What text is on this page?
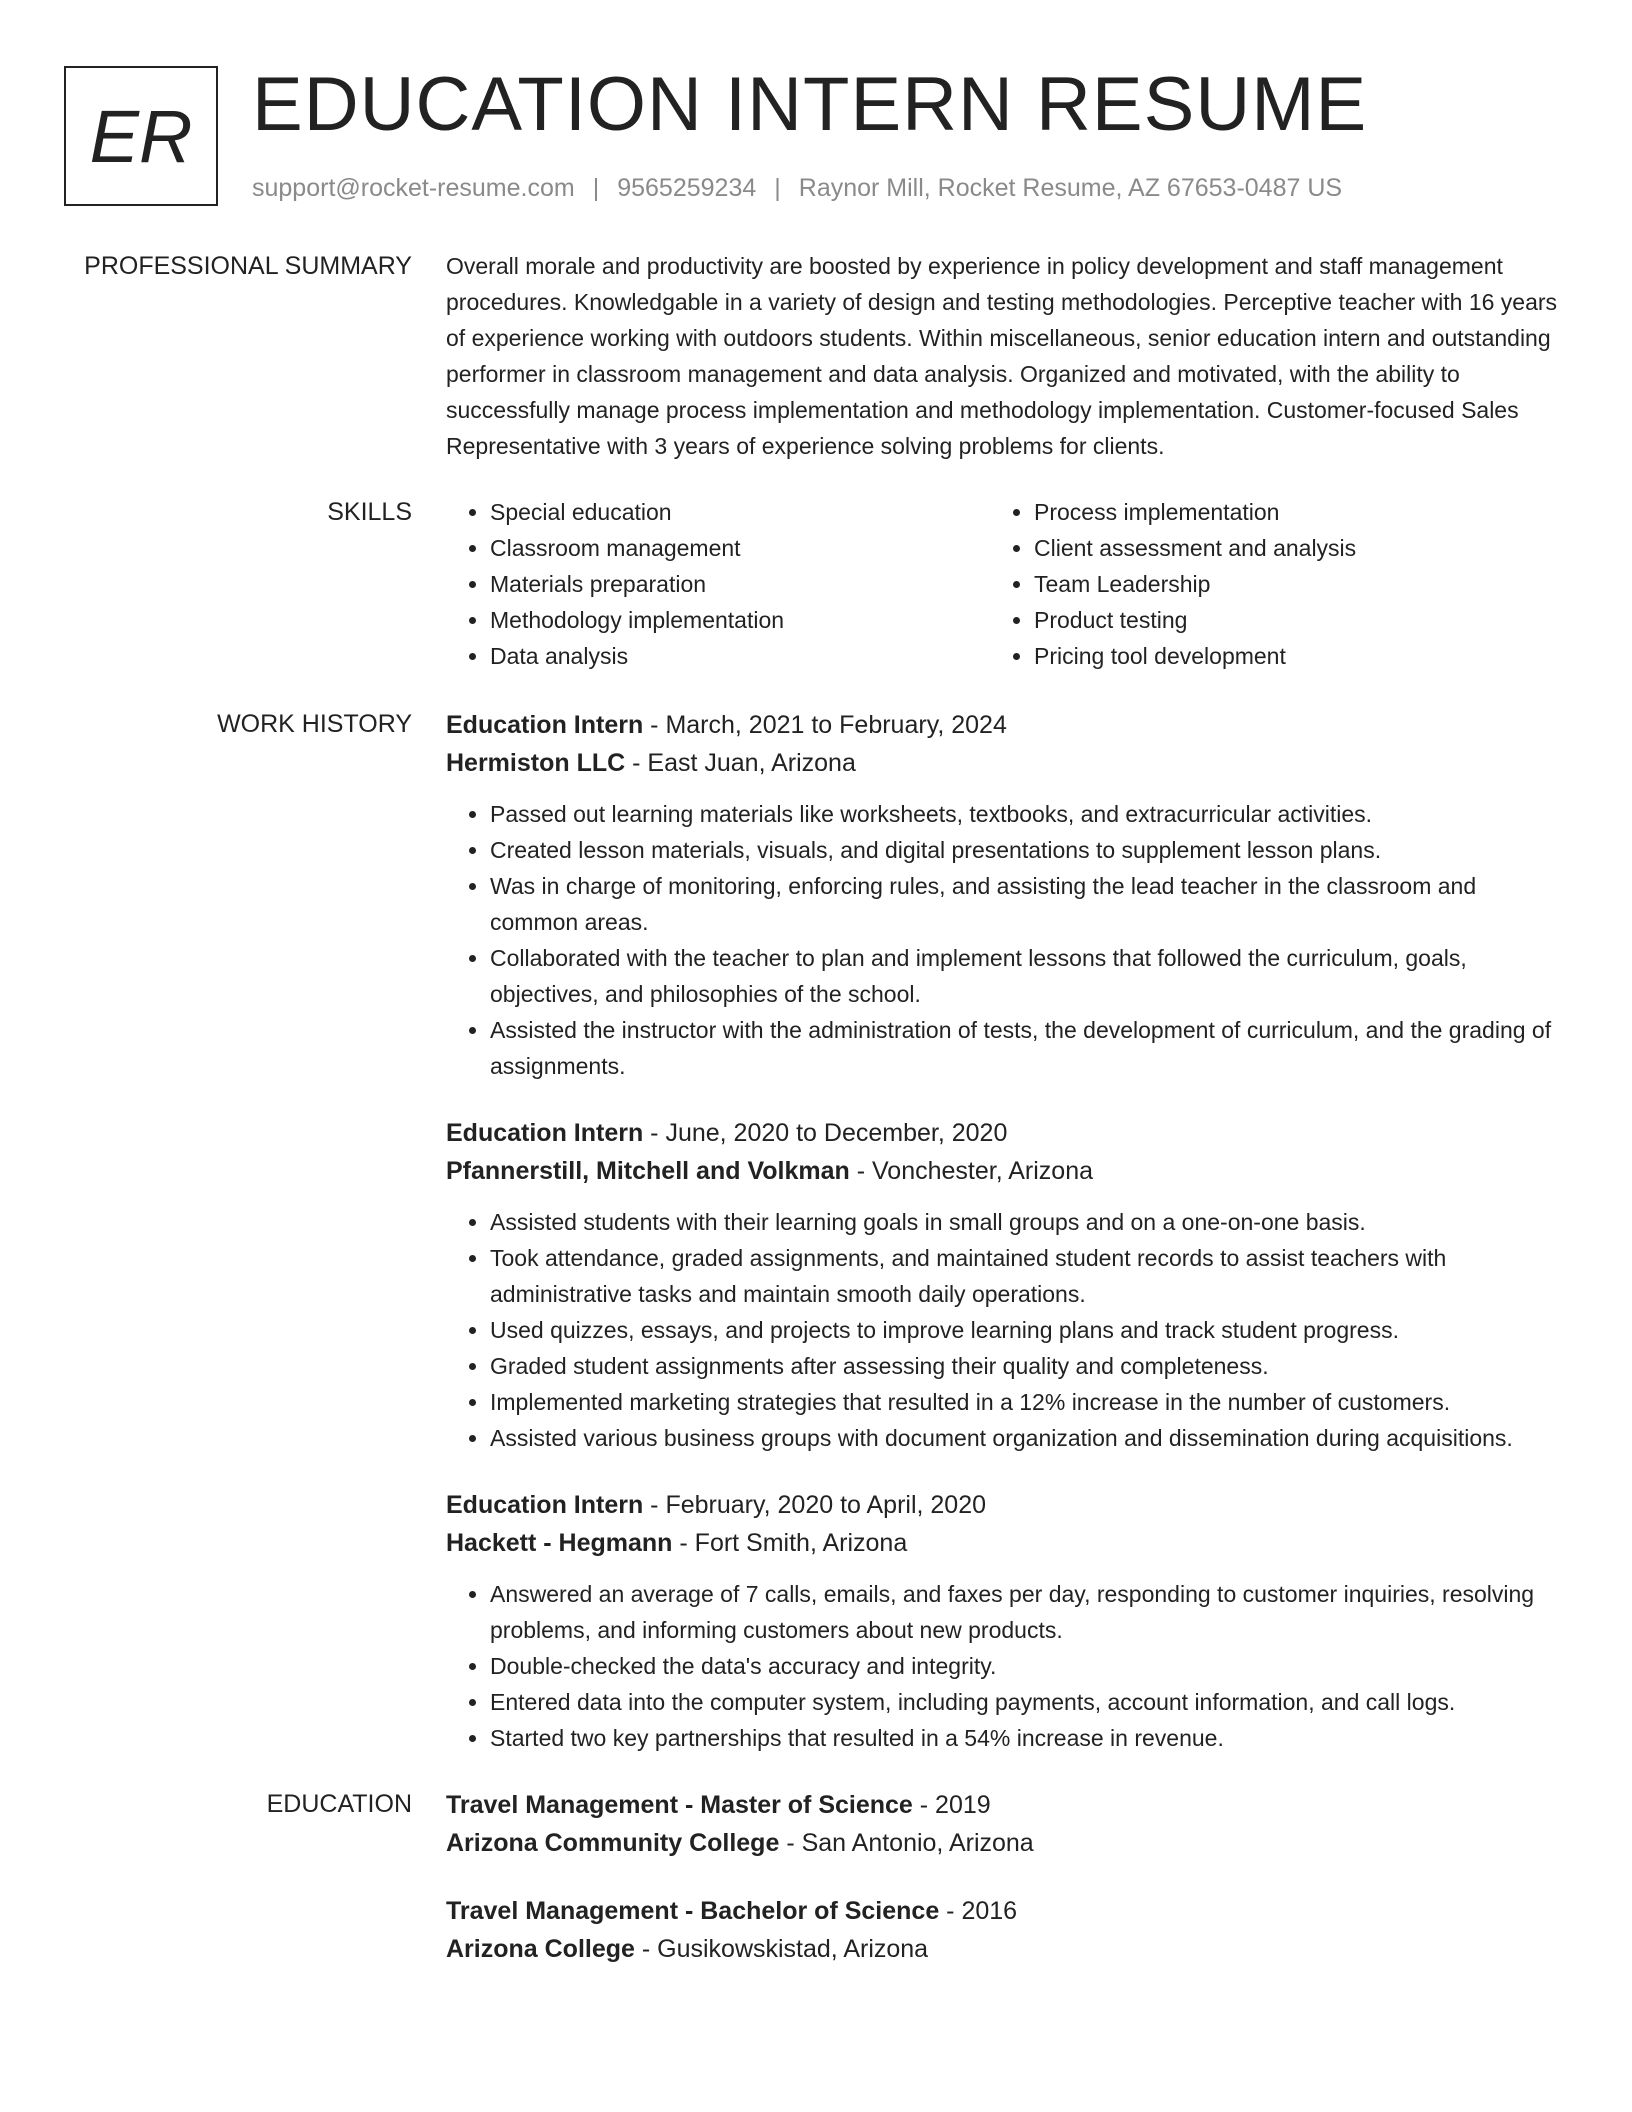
ER EDUCATION INTERN RESUME
support@rocket-resume.com | 9565259234 | Raynor Mill, Rocket Resume, AZ 67653-0487 US
PROFESSIONAL SUMMARY Overall morale and productivity are boosted by experience in policy development and staff management procedures. Knowledgable in a variety of design and testing methodologies. Perceptive teacher with 16 years of experience working with outdoors students. Within miscellaneous, senior education intern and outstanding performer in classroom management and data analysis. Organized and motivated, with the ability to successfully manage process implementation and methodology implementation. Customer-focused Sales Representative with 3 years of experience solving problems for clients.

SKILLS
•	Special education
• Classroom management
• Materials preparation
• Methodology implementation
• Data analysis
• Process implementation
• Client assessment and analysis
• Team Leadership
• Product testing
• Pricing tool development
WORK HISTORY Education Intern - March, 2021 to February, 2024
Hermiston LLC - East Juan, Arizona
• Passed out learning materials like worksheets, textbooks, and extracurricular activities.
• Created lesson materials, visuals, and digital presentations to supplement lesson plans.
• Was in charge of monitoring, enforcing rules, and assisting the lead teacher in the classroom and common areas.
• Collaborated with the teacher to plan and implement lessons that followed the curriculum, goals, objectives, and philosophies of the school.
• Assisted the instructor with the administration of tests, the development of curriculum, and the grading of assignments.
Education Intern - June, 2020 to December, 2020
Pfannerstill, Mitchell and Volkman - Vonchester, Arizona
• Assisted students with their learning goals in small groups and on a one-on-one basis.
• Took attendance, graded assignments, and maintained student records to assist teachers with administrative tasks and maintain smooth daily operations.
• Used quizzes, essays, and projects to improve learning plans and track student progress.
• Graded student assignments after assessing their quality and completeness.
• Implemented marketing strategies that resulted in a 12% increase in the number of customers.
• Assisted various business groups with document organization and dissemination during acquisitions.
Education Intern - February, 2020 to April, 2020
Hackett - Hegmann - Fort Smith, Arizona
• Answered an average of 7 calls, emails, and faxes per day, responding to customer inquiries, resolving problems, and informing customers about new products.
• Double-checked the data's accuracy and integrity.
• Entered data into the computer system, including payments, account information, and call logs.
• Started two key partnerships that resulted in a 54% increase in revenue.
EDUCATION Travel Management - Master of Science - 2019
Arizona Community College - San Antonio, Arizona
Travel Management - Bachelor of Science - 2016
Arizona College - Gusikowskistad, Arizona
